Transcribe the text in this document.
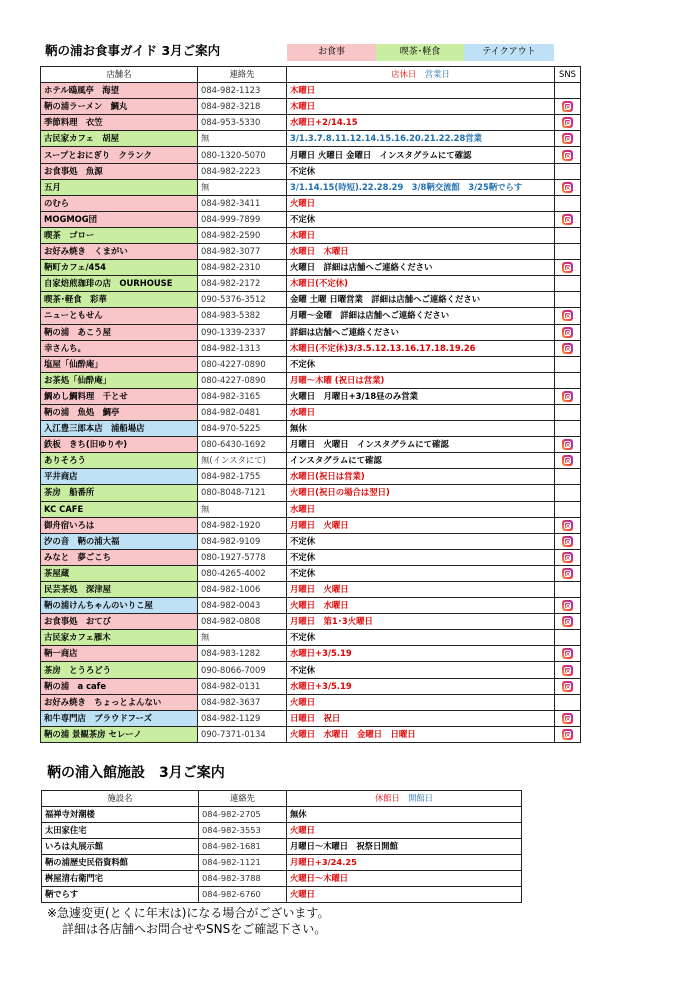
鞆の浦お食事ガイド 3月ご案内	お食事	喫茶･軽食	テイクアウト
店舗名	連絡先	店休日　 営業日	SNS
ホテル鴎風亭　海望	084-982-1123	木曜日	
鞆の浦ラーメン　鯛丸	084-982-3218	木曜日	
季節料理　衣笠	084-953-5330	水曜日+2/14.15	
古民家カフェ　胡屋	無	3/1.3.7.8.11.12.14.15.16.20.21.22.28営業	
スープとおにぎり　クランク	080-1320-5070	月曜日 火曜日 金曜日　インスタグラムにて確認	
お食事処　魚源	084-982-2223	不定休	
五月	無	3/1.14.15(時短).22.28.29　3/8鞆交流館　3/25鞆でらす	
のむら	084-982-3411	火曜日	
MOGMOG団	084-999-7899	不定休	
喫茶　ゴロー	084-982-2590	木曜日	
お好み焼き　くまがい	084-982-3077	水曜日　木曜日	
鞆町カフェ/454	084-982-2310	火曜日　詳細は店舗へご連絡ください	
自家焙煎珈琲の店　OURHOUSE	084-982-2172	木曜日(不定休)	
喫茶･軽食　彩華	090-5376-3512	金曜 土曜 日曜営業　詳細は店舗へご連絡ください	
ニューともせん	084-983-5382	月曜～金曜　詳細は店舗へご連絡ください	
鞆の浦　あこう屋	090-1339-2337	詳細は店舗へご連絡ください	
幸さんち。	084-982-1313	木曜日(不定休)3/3.5.12.13.16.17.18.19.26	
塩屋「仙酔庵」	080-4227-0890	不定休	
お茶処「仙酔庵」	080-4227-0890	月曜～木曜 (祝日は営業)	
鯛めし鯛料理　千とせ	084-982-3165	火曜日　月曜日+3/18昼のみ営業	
鞆の浦　魚処　鯛亭	084-982-0481	水曜日	
入江豊三郎本店　浦船場店	084-970-5225	無休	
鉄板　きち(旧ゆりや)	080-6430-1692	月曜日　火曜日　インスタグラムにて確認	
ありそろう	無(インスタにて)	インスタグラムにて確認	
平井商店	084-982-1755	水曜日(祝日は営業)	
茶房　船番所	080-8048-7121	火曜日(祝日の場合は翌日)	
KC CAFE	無	水曜日	
御舟宿いろは	084-982-1920	月曜日　火曜日	
汐の音　鞆の浦大福	084-982-9109	不定休	
みなと　夢ごこち	080-1927-5778	不定休	
茶屋蔵	080-4265-4002	不定休	
民芸茶処　深津屋	084-982-1006	月曜日　火曜日	
鞆の浦けんちゃんのいりこ屋	084-982-0043	火曜日　水曜日	
お食事処　おてび	084-982-0808	月曜日　第1･3火曜日	
古民家カフェ雁木	無	不定休	
鞆一商店	084-983-1282	水曜日+3/5.19	
茶房　とうろどう	090-8066-7009	不定休	
鞆の浦　a cafe	084-982-0131	水曜日+3/5.19	
お好み焼き　ちょっとよんない	084-982-3637	火曜日	
和牛専門店　ブラウドフーズ	084-982-1129	日曜日　祝日	
鞆の浦 景観茶房 セレーノ	090-7371-0134	火曜日　水曜日　金曜日　日曜日	
鞆の浦入館施設　3月ご案内
施設名	連絡先	休館日　 開館日
福禅寺対潮楼	084-982-2705	無休
太田家住宅	084-982-3553	火曜日
いろは丸展示館	084-982-1681	月曜日～木曜日　祝祭日開館
鞆の浦歴史民俗資料館	084-982-1121	月曜日+3/24.25
桝屋清右衛門宅	084-982-3788	火曜日～木曜日
鞆でらす	084-982-6760	火曜日
※急遽変更(とくに年末は)になる場合がございます。
詳細は各店舗へお問合せやSNSをご確認下さい。
